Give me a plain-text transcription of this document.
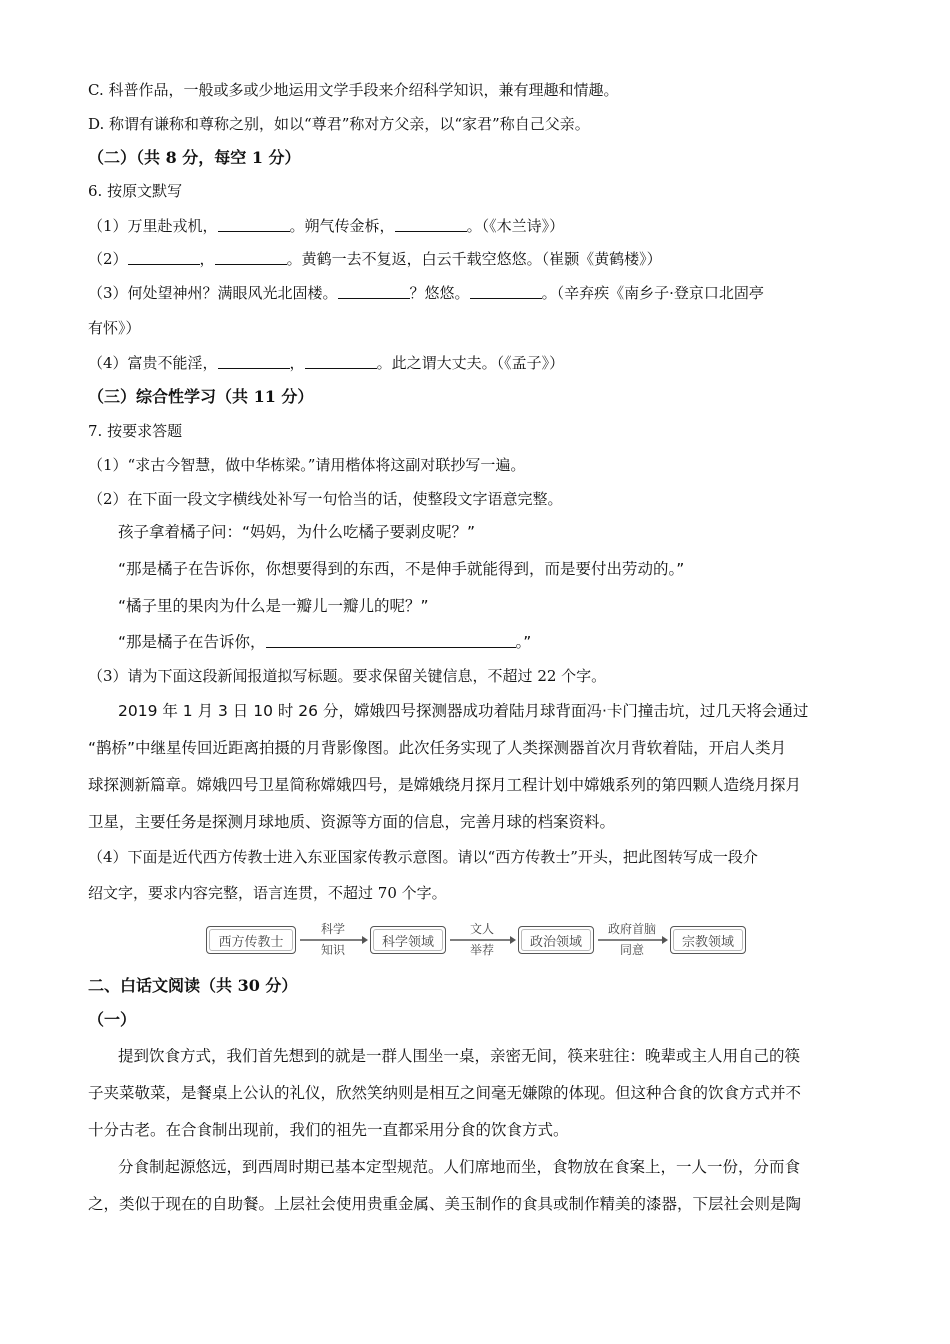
C. 科普作品，一般或多或少地运用文学手段来介绍科学知识，兼有理趣和情趣。
D. 称谓有谦称和尊称之别，如以“尊君”称对方父亲，以“家君”称自己父亲。
（二）（共 8 分，每空 1 分）
6. 按原文默写
（1）万里赴戎机，	。朔气传金柝，	。（《木兰诗》）
（2）	，	。黄鹤一去不复返，白云千载空悠悠。（崔颢《黄鹤楼》）
（3）何处望神州？满眼风光北固楼。	？悠悠。	。（辛弃疾《南乡子·登京口北固亭
有怀》）
（4）富贵不能淫，	，	。此之谓大丈夫。（《孟子》）
（三）综合性学习（共 11 分）
7. 按要求答题
（1）“求古今智慧，做中华栋梁。”请用楷体将这副对联抄写一遍。
（2）在下面一段文字横线处补写一句恰当的话，使整段文字语意完整。
孩子拿着橘子问：“妈妈，为什么吃橘子要剥皮呢？”
“那是橘子在告诉你，你想要得到的东西，不是伸手就能得到，而是要付出劳动的。”
“橘子里的果肉为什么是一瓣儿一瓣儿的呢？”
“那是橘子在告诉你，	。”
（3）请为下面这段新闻报道拟写标题。要求保留关键信息，不超过 22 个字。
2019 年 1 月 3 日 10 时 26 分，嫦娥四号探测器成功着陆月球背面冯·卡门撞击坑，过几天将会通过
“鹊桥”中继星传回近距离拍摄的月背影像图。此次任务实现了人类探测器首次月背软着陆，开启人类月
球探测新篇章。嫦娥四号卫星简称嫦娥四号，是嫦娥绕月探月工程计划中嫦娥系列的第四颗人造绕月探月
卫星，主要任务是探测月球地质、资源等方面的信息，完善月球的档案资料。
（4）下面是近代西方传教士进入东亚国家传教示意图。请以“西方传教士”开头，把此图转写成一段介
绍文字，要求内容完整，语言连贯，不超过 70 个字。
西方传教士
科学
知识
科学领域
文人
举荐
政治领域
政府首脑
同意
宗教领域
二、白话文阅读（共 30 分）
（一）
提到饮食方式，我们首先想到的就是一群人围坐一桌，亲密无间，筷来驻往：晚辈或主人用自己的筷
子夹菜敬菜，是餐桌上公认的礼仪，欣然笑纳则是相互之间毫无嫌隙的体现。但这种合食的饮食方式并不
十分古老。在合食制出现前，我们的祖先一直都采用分食的饮食方式。
分食制起源悠远，到西周时期已基本定型规范。人们席地而坐，食物放在食案上，一人一份，分而食
之，类似于现在的自助餐。上层社会使用贵重金属、美玉制作的食具或制作精美的漆器，下层社会则是陶
